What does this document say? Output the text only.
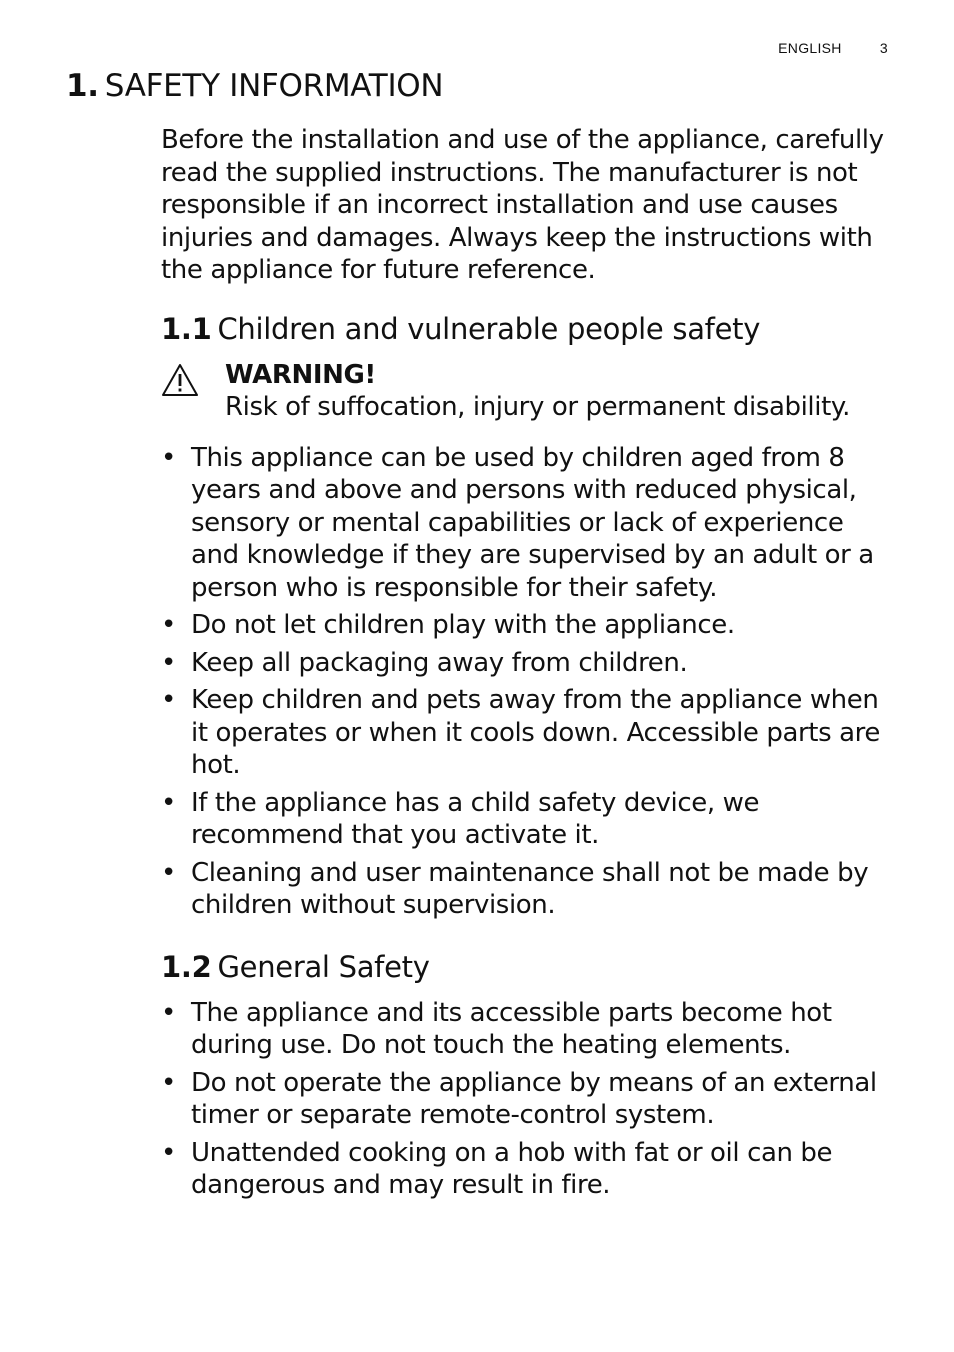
ENGLISH	3
1. SAFETY INFORMATION

Before the installation and use of the appliance, carefully read the supplied instructions. The manufacturer is not responsible if an incorrect installation and use causes injuries and damages. Always keep the instructions with the appliance for future reference.

1.1 Children and vulnerable people safety
WARNING!
Risk of suffocation, injury or permanent disability.
• This appliance can be used by children aged from 8 years and above and persons with reduced physical, sensory or mental capabilities or lack of experience and knowledge if they are supervised by an adult or a person who is responsible for their safety.
• Do not let children play with the appliance.
• Keep all packaging away from children.
• Keep children and pets away from the appliance when it operates or when it cools down. Accessible parts are hot.
• If the appliance has a child safety device, we recommend that you activate it.
• Cleaning and user maintenance shall not be made by children without supervision.
1.2 General Safety
• The appliance and its accessible parts become hot during use. Do not touch the heating elements.
• Do not operate the appliance by means of an external timer or separate remote-control system.
• Unattended cooking on a hob with fat or oil can be dangerous and may result in fire.
